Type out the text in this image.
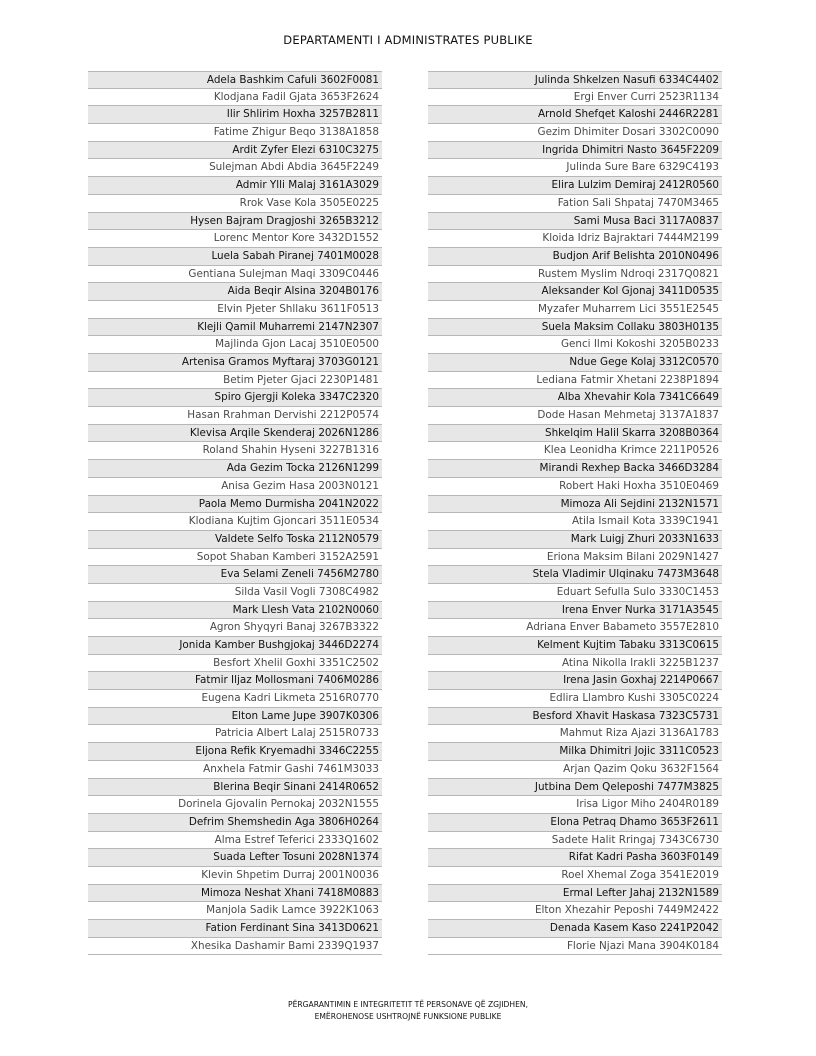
DEPARTAMENTI I ADMINISTRATES PUBLIKE
Adela Bashkim Cafuli 3602F0081
Klodjana Fadil Gjata 3653F2624
Ilir Shlirim Hoxha 3257B2811
Fatime Zhigur Beqo 3138A1858
Ardit Zyfer Elezi 6310C3275
Sulejman Abdi Abdia 3645F2249
Admir Ylli Malaj 3161A3029
Rrok Vase Kola 3505E0225
Hysen Bajram Dragjoshi 3265B3212
Lorenc Mentor Kore 3432D1552
Luela Sabah Piranej 7401M0028
Gentiana Sulejman Maqi 3309C0446
Aida Beqir Alsina 3204B0176
Elvin Pjeter Shllaku 3611F0513
Klejli Qamil Muharremi 2147N2307
Majlinda Gjon Lacaj 3510E0500
Artenisa Gramos Myftaraj 3703G0121
Betim Pjeter Gjaci 2230P1481
Spiro Gjergji Koleka 3347C2320
Hasan Rrahman Dervishi 2212P0574
Klevisa Arqile Skenderaj 2026N1286
Roland Shahin Hyseni 3227B1316
Ada Gezim Tocka 2126N1299
Anisa Gezim Hasa 2003N0121
Paola Memo Durmisha 2041N2022
Klodiana Kujtim Gjoncari 3511E0534
Valdete Selfo Toska 2112N0579
Sopot Shaban Kamberi 3152A2591
Eva Selami Zeneli 7456M2780
Silda Vasil Vogli 7308C4982
Mark Llesh Vata 2102N0060
Agron Shyqyri Banaj 3267B3322
Jonida Kamber Bushgjokaj 3446D2274
Besfort Xhelil Goxhi 3351C2502
Fatmir Iljaz Mollosmani 7406M0286
Eugena Kadri Likmeta 2516R0770
Elton Lame Jupe 3907K0306
Patricia Albert Lalaj 2515R0733
Eljona Refik Kryemadhi 3346C2255
Anxhela Fatmir Gashi 7461M3033
Blerina Beqir Sinani 2414R0652
Dorinela Gjovalin Pernokaj 2032N1555
Defrim Shemshedin Aga 3806H0264
Alma Estref Teferici 2333Q1602
Suada Lefter Tosuni 2028N1374
Klevin Shpetim Durraj 2001N0036
Mimoza Neshat Xhani 7418M0883
Manjola Sadik Lamce 3922K1063
Fation Ferdinant Sina 3413D0621
Xhesika Dashamir Bami 2339Q1937
Julinda Shkelzen Nasufi 6334C4402
Ergi Enver Curri 2523R1134
Arnold Shefqet Kaloshi 2446R2281
Gezim Dhimiter Dosari 3302C0090
Ingrida Dhimitri Nasto 3645F2209
Julinda Sure Bare 6329C4193
Elira Lulzim Demiraj 2412R0560
Fation Sali Shpataj 7470M3465
Sami Musa Baci 3117A0837
Kloida Idriz Bajraktari 7444M2199
Budjon Arif Belishta 2010N0496
Rustem Myslim Ndroqi 2317Q0821
Aleksander Kol Gjonaj 3411D0535
Myzafer Muharrem Lici 3551E2545
Suela Maksim Collaku 3803H0135
Genci Ilmi Kokoshi 3205B0233
Ndue Gege Kolaj 3312C0570
Lediana Fatmir Xhetani 2238P1894
Alba Xhevahir Kola 7341C6649
Dode Hasan Mehmetaj 3137A1837
Shkelqim Halil Skarra 3208B0364
Klea Leonidha Krimce 2211P0526
Mirandi Rexhep Backa 3466D3284
Robert Haki Hoxha 3510E0469
Mimoza Ali Sejdini 2132N1571
Atila Ismail Kota 3339C1941
Mark Luigj Zhuri 2033N1633
Eriona Maksim Bilani 2029N1427
Stela Vladimir Ulqinaku 7473M3648
Eduart Sefulla Sulo 3330C1453
Irena Enver Nurka 3171A3545
Adriana Enver Babameto 3557E2810
Kelment Kujtim Tabaku 3313C0615
Atina Nikolla Irakli 3225B1237
Irena Jasin Goxhaj 2214P0667
Edlira Llambro Kushi 3305C0224
Besford Xhavit Haskasa 7323C5731
Mahmut Riza Ajazi 3136A1783
Milka Dhimitri Jojic 3311C0523
Arjan Qazim Qoku 3632F1564
Jutbina Dem Qeleposhi 7477M3825
Irisa Ligor Miho 2404R0189
Elona Petraq Dhamo 3653F2611
Sadete Halit Rringaj 7343C6730
Rifat Kadri Pasha 3603F0149
Roel Xhemal Zoga 3541E2019
Ermal Lefter Jahaj 2132N1589
Elton Xhezahir Peposhi 7449M2422
Denada Kasem Kaso 2241P2042
Florie Njazi Mana 3904K0184
PËRGARANTIMIN E INTEGRITETIT TË PERSONAVE QË ZGJIDHEN,
EMËROHENOSE USHTROJNË FUNKSIONE PUBLIKE
